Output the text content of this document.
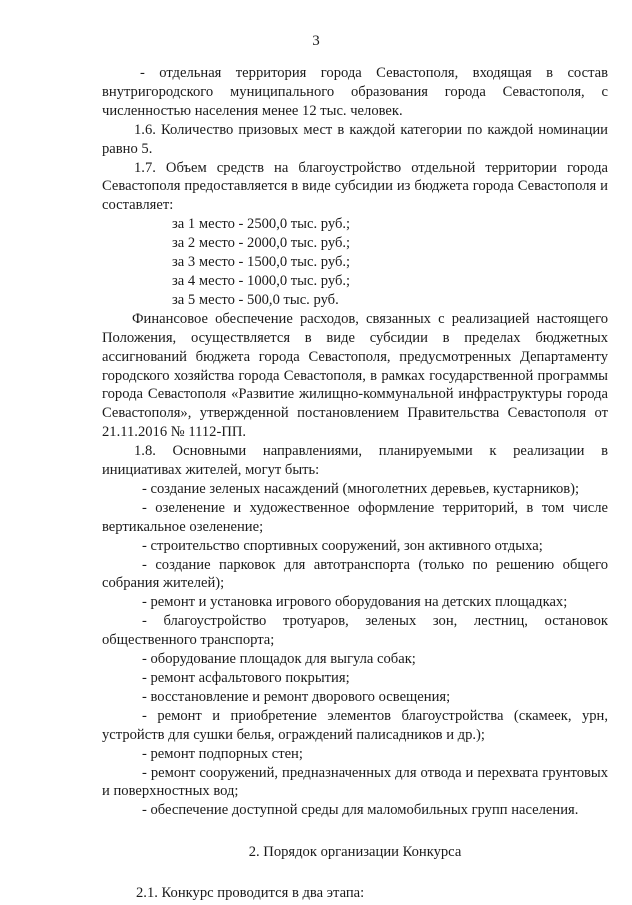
3

- отдельная территория города Севастополя, входящая в состав внутригородского муниципального образования города Севастополя, с численностью населения менее 12 тыс. человек.

1.6. Количество призовых мест в каждой категории по каждой номинации равно 5.

1.7. Объем средств на благоустройство отдельной территории города Севастополя предоставляется в виде субсидии из бюджета города Севастополя и составляет:

за 1 место - 2500,0 тыс. руб.;
за 2 место - 2000,0 тыс. руб.;
за 3 место - 1500,0 тыс. руб.;
за 4 место - 1000,0 тыс. руб.;
за 5 место - 500,0 тыс. руб.

Финансовое обеспечение расходов, связанных с реализацией настоящего Положения, осуществляется в виде субсидии в пределах бюджетных ассигнований бюджета города Севастополя, предусмотренных Департаменту городского хозяйства города Севастополя, в рамках государственной программы города Севастополя «Развитие жилищно-коммунальной инфраструктуры города Севастополя», утвержденной постановлением Правительства Севастополя от 21.11.2016 № 1112-ПП.

1.8. Основными направлениями, планируемыми к реализации в инициативах жителей, могут быть:

- создание зеленых насаждений (многолетних деревьев, кустарников);

- озеленение и художественное оформление территорий, в том числе вертикальное озеленение;

- строительство спортивных сооружений, зон активного отдыха;

- создание парковок для автотранспорта (только по решению общего собрания жителей);

- ремонт и установка игрового оборудования на детских площадках;

- благоустройство тротуаров, зеленых зон, лестниц, остановок общественного транспорта;

- оборудование площадок для выгула собак;

- ремонт асфальтового покрытия;

- восстановление и ремонт дворового освещения;

- ремонт и приобретение элементов благоустройства (скамеек, урн, устройств для сушки белья, ограждений палисадников и др.);

- ремонт подпорных стен;

- ремонт сооружений, предназначенных для отвода и перехвата грунтовых и поверхностных вод;

- обеспечение доступной среды для маломобильных групп населения.

2. Порядок организации Конкурса

2.1. Конкурс проводится в два этапа:
